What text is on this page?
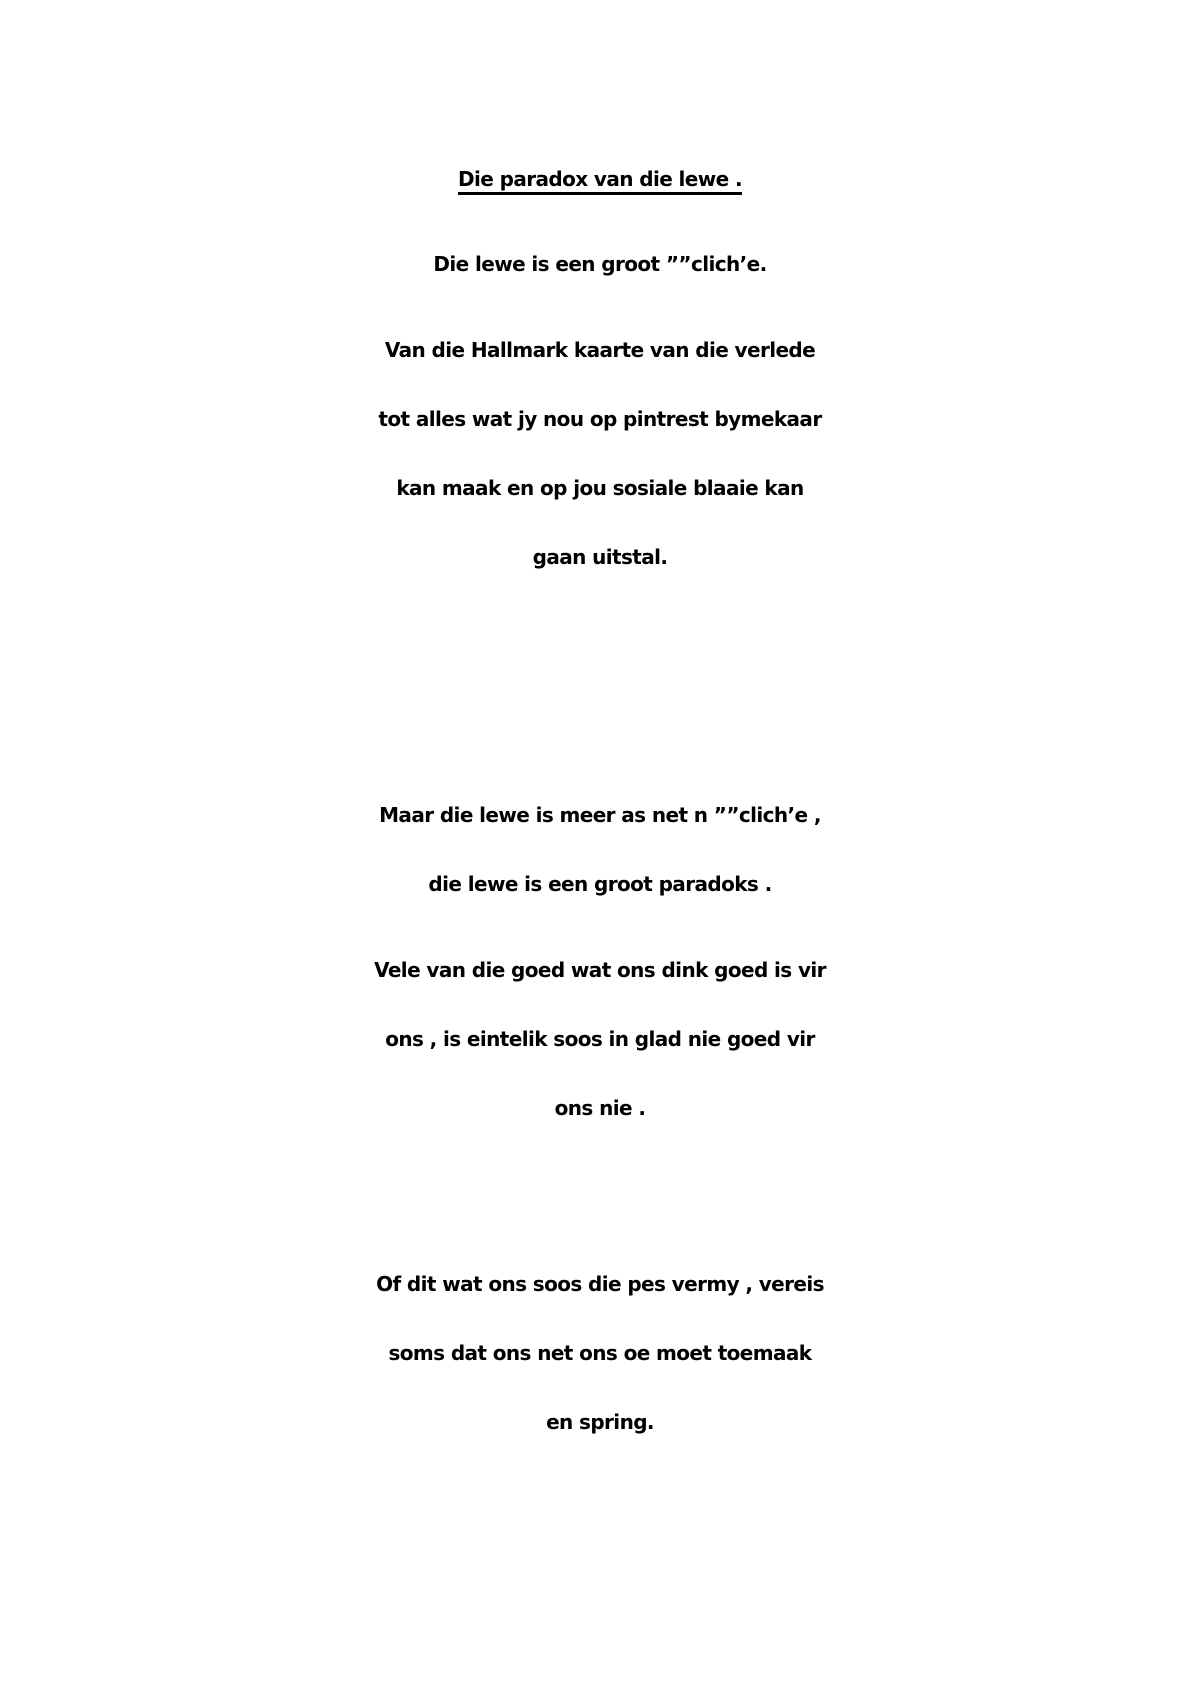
Die paradox van die lewe .
Die lewe is een groot ””clich’e.
Van die Hallmark kaarte van die verlede
tot alles wat jy nou op pintrest bymekaar
kan maak en op jou sosiale blaaie kan
gaan uitstal.
Maar die lewe is meer as net n ””clich’e ,
die lewe is een groot paradoks .
Vele van die goed wat ons dink goed is vir
ons , is eintelik soos in glad nie goed vir
ons nie .
Of dit wat ons soos die pes vermy , vereis
soms dat ons net ons oe moet toemaak
en spring.
